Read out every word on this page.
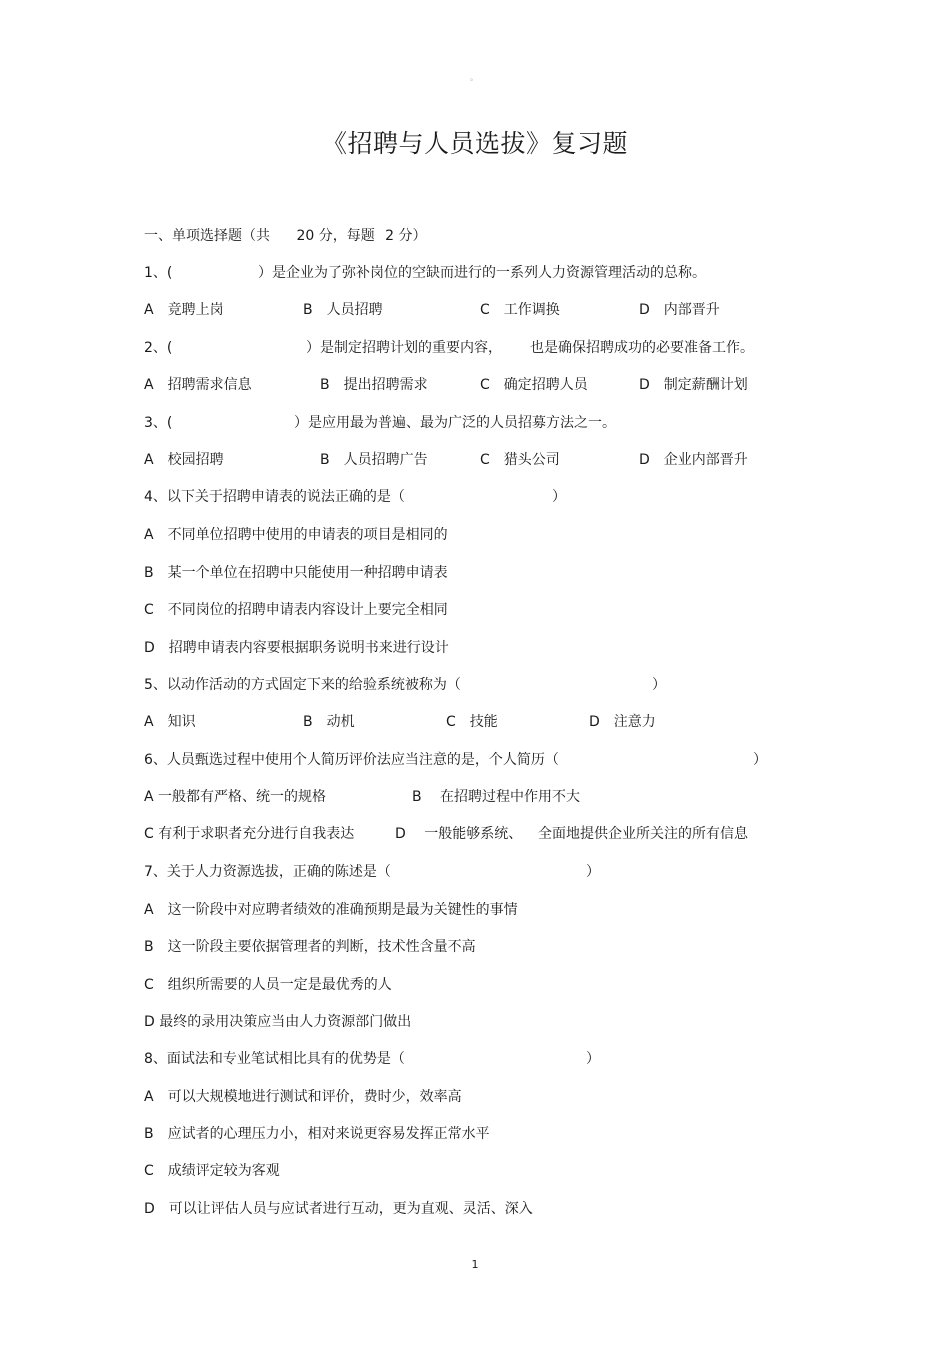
。
《招聘与人员选拔》复习题
一、单项选择题（共 20 分，每题 2 分）
1、(	）是企业为了弥补岗位的空缺而进行的一系列人力资源管理活动的总称。
A　竞聘上岗	B　人员招聘	C　工作调换	D　内部晋升
2、(	）是制定招聘计划的重要内容， 也是确保招聘成功的必要准备工作。
A　招聘需求信息	B　提出招聘需求	C　确定招聘人员	D　制定薪酬计划
3、(	）是应用最为普遍、最为广泛的人员招募方法之一。
A　校园招聘	B　人员招聘广告	C　猎头公司	D　企业内部晋升
4、以下关于招聘申请表的说法正确的是（	）
A　不同单位招聘中使用的申请表的项目是相同的
B　某一个单位在招聘中只能使用一种招聘申请表
C　不同岗位的招聘申请表内容设计上要完全相同
D　招聘申请表内容要根据职务说明书来进行设计
5、以动作活动的方式固定下来的给验系统被称为（	）
A　知识	B　动机	C　技能	D　注意力
6、人员甄选过程中使用个人简历评价法应当注意的是，个人简历（	）
A 一般都有严格、统一的规格	B　 在招聘过程中作用不大
C 有利于求职者充分进行自我表达	D　 一般能够系统、 全面地提供企业所关注的所有信息
7、关于人力资源选拔，正确的陈述是（	）
A　这一阶段中对应聘者绩效的准确预期是最为关键性的事情
B　这一阶段主要依据管理者的判断，技术性含量不高
C　组织所需要的人员一定是最优秀的人
D 最终的录用决策应当由人力资源部门做出
8、面试法和专业笔试相比具有的优势是（	）
A　可以大规模地进行测试和评价，费时少，效率高
B　应试者的心理压力小，相对来说更容易发挥正常水平
C　成绩评定较为客观
D　可以让评估人员与应试者进行互动，更为直观、灵活、深入
1
